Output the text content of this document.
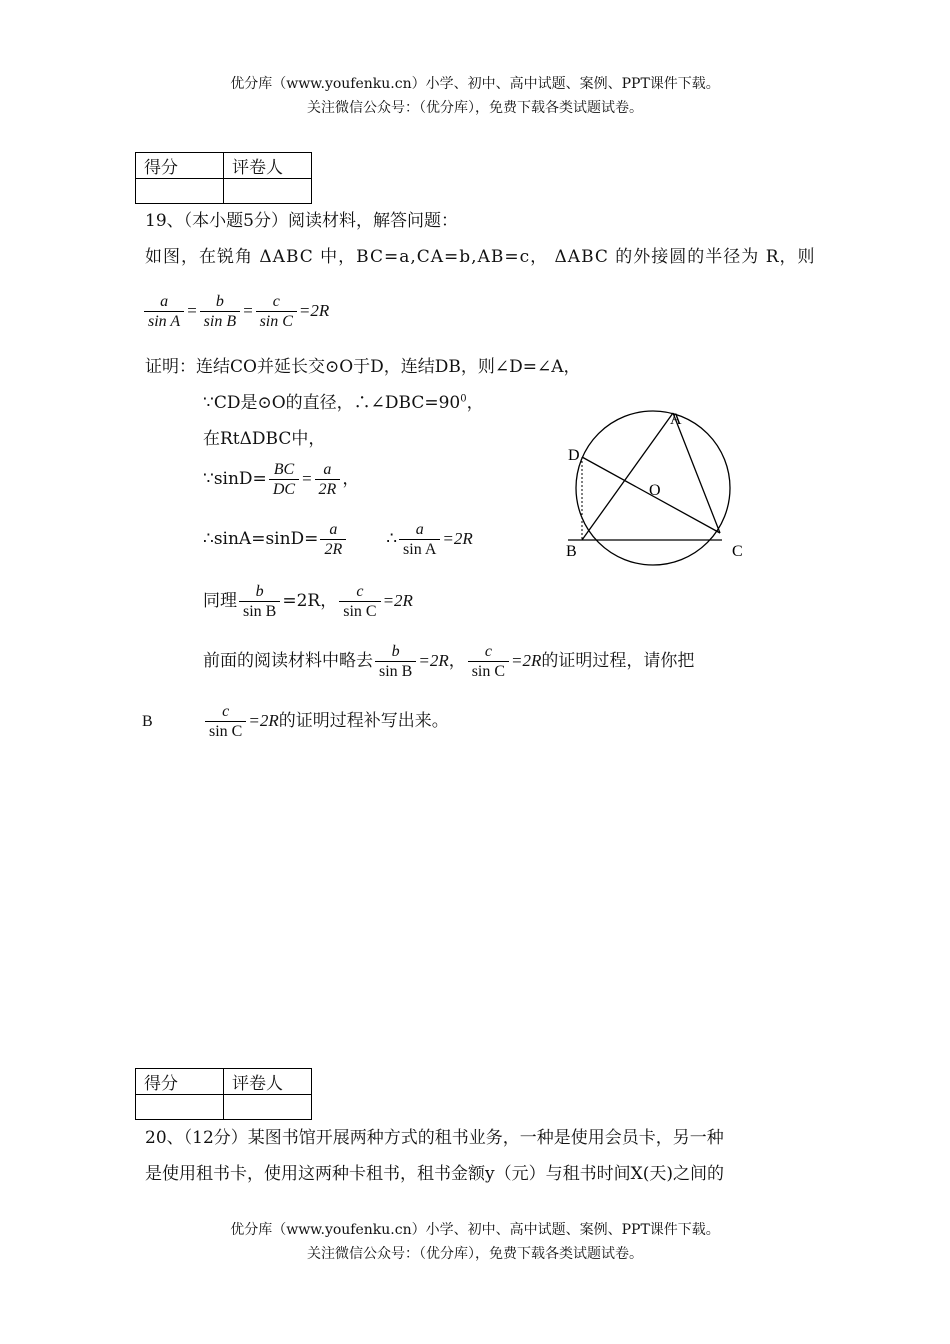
优分库（www.youfenku.cn）小学、初中、高中试题、案例、PPT课件下载。
关注微信公众号：（优分库），免费下载各类试题试卷。
得分	评卷人

19、（本小题5分）阅读材料，解答问题：
如图，在锐角 ΔABC 中，BC=a,CA=b,AB=c， ΔABC 的外接圆的半径为 R，则
$\frac{a}{\text{sin A}} = \frac{b}{\text{sin B}} = \frac{c}{\text{sin C}} =2R$
证明：连结CO并延长交⊙O于D，连结DB，则∠D=∠A，
∵CD是⊙O的直径，$\therefore\angle DBC=90^0$，
在RtΔDBC中，
∵sinD= $\frac{BC}{DC} = \frac{a}{2R}$ ，
∴sinA=sinD= $\frac{a}{2R}$ ∴ $\frac{a}{\text{sin A}} =2R$
同理 $\frac{b}{\text{sin B}} =2R$， $\frac{c}{\text{sin C}} =2R$
前面的阅读材料中略去 $\frac{b}{\text{sin B}} =2R$， $\frac{c}{\text{sin C}} =2R$的证明过程，请你把
B	$\frac{c}{\text{sin C}} =2R$的证明过程补写出来。
A
D
O
B	C
得分	评卷人

20、（12分）某图书馆开展两种方式的租书业务，一种是使用会员卡，另一种
是使用租书卡，使用这两种卡租书，租书金额y（元）与租书时间X(天)之间的
优分库（www.youfenku.cn）小学、初中、高中试题、案例、PPT课件下载。
关注微信公众号：（优分库），免费下载各类试题试卷。
